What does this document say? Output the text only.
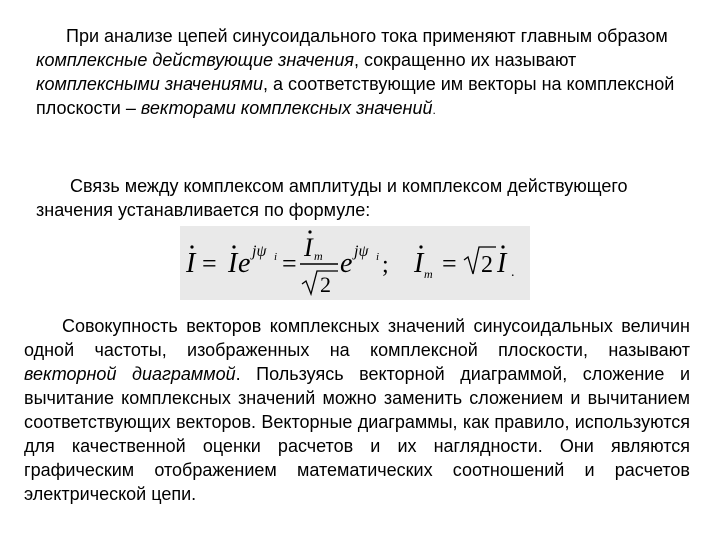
При анализе цепей синусоидального тока применяют главным образом комплексные действующие значения, сокращенно их называют комплексными значениями, а соответствующие им векторы на комплексной плоскости – векторами комплексных значений.

Связь между комплексом амплитуды и комплексом действующего значения устанавливается по формуле:

I = I e jψ i =
I m
2
e jψ i ; I m = 2 I .

Совокупность векторов комплексных значений синусоидальных величин одной частоты, изображенных на комплексной плоскости, называют векторной диаграммой. Пользуясь векторной диаграммой, сложение и вычитание комплексных значений можно заменить сложением и вычитанием соответствующих векторов. Векторные диаграммы, как правило, используются для качественной оценки расчетов и их наглядности. Они являются графическим отображением математических соотношений и расчетов электрической цепи.
